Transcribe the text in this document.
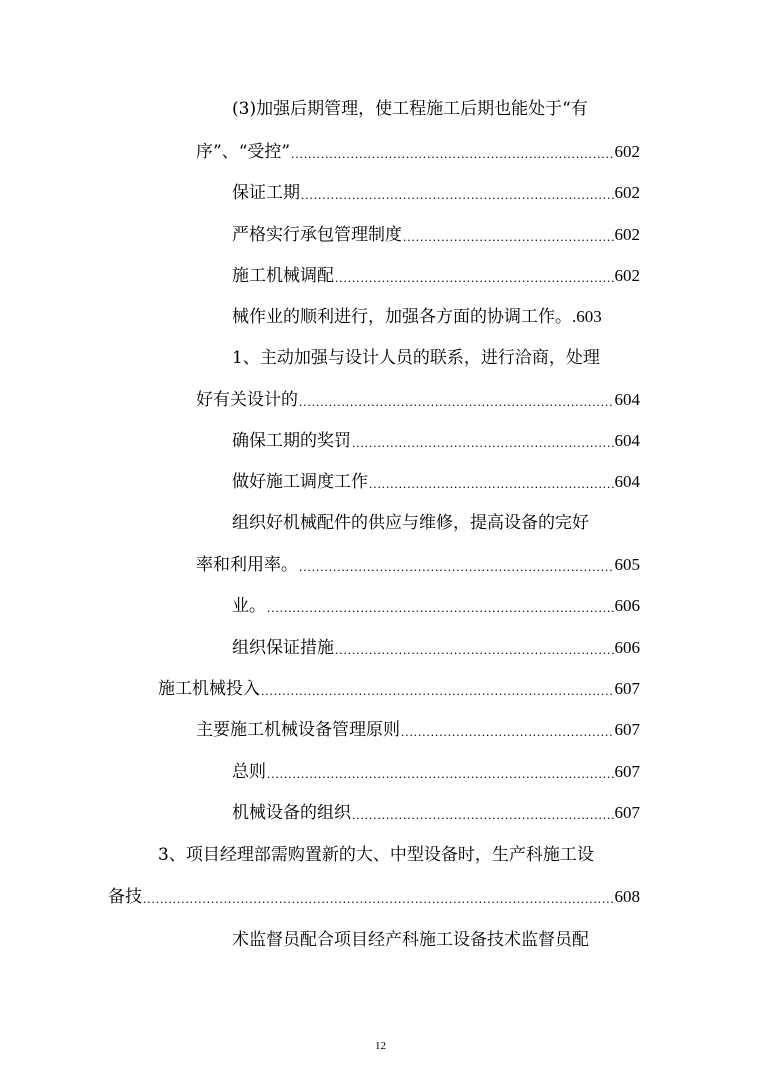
(3)加强后期管理，使工程施工后期也能处于“有
序”、“受控” .....	602
保证工期 .....	602
严格实行承包管理制度 .....	602
施工机械调配 .....	602
械作业的顺利进行，加强各方面的协调工作。 .603
1、主动加强与设计人员的联系，进行洽商，处理
好有关设计的 .....	604
确保工期的奖罚 .....	604
做好施工调度工作 .....	604
组织好机械配件的供应与维修，提高设备的完好
率和利用率。 .....	605
业。 .....	606
组织保证措施 .....	606
施工机械投入 .....	607
主要施工机械设备管理原则 .....	607
总则 .....	607
机械设备的组织 .....	607
3、项目经理部需购置新的大、中型设备时，生产科施工设
备技 .....	608
术监督员配合项目经产科施工设备技术监督员配
12
